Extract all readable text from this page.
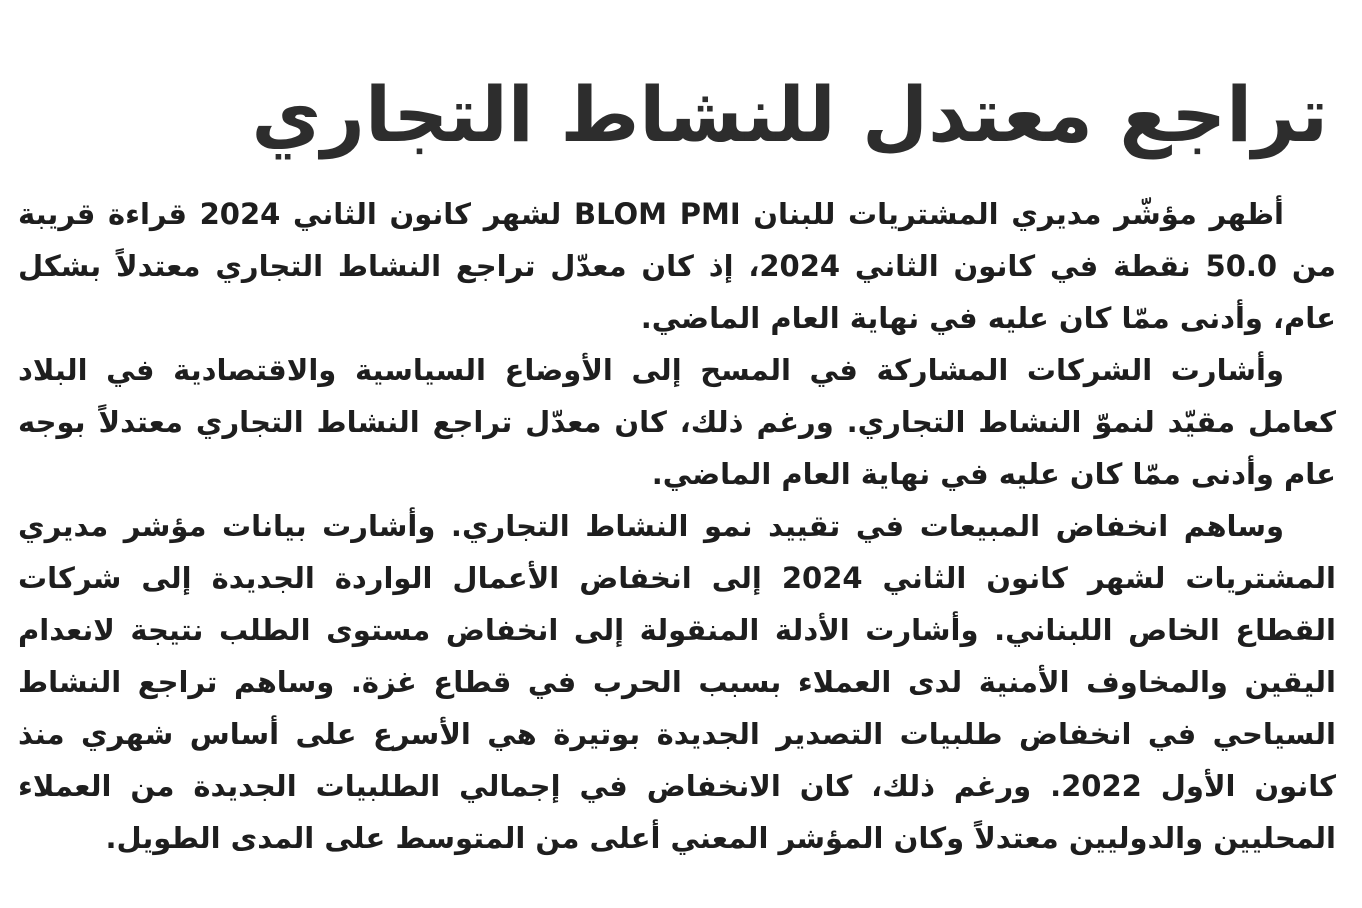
تراجع معتدل للنشاط التجاري

أظهر مؤشّر مديري المشتريات للبنان BLOM PMI لشهر كانون الثاني 2024 قراءة قريبة من 50.0 نقطة في كانون الثاني 2024، إذ كان معدّل تراجع النشاط التجاري معتدلاً بشكل عام، وأدنى ممّا كان عليه في نهاية العام الماضي.

وأشارت الشركات المشاركة في المسح إلى الأوضاع السياسية والاقتصادية في البلاد كعامل مقيّد لنموّ النشاط التجاري. ورغم ذلك، كان معدّل تراجع النشاط التجاري معتدلاً بوجه عام وأدنى ممّا كان عليه في نهاية العام الماضي.

وساهم انخفاض المبيعات في تقييد نمو النشاط التجاري. وأشارت بيانات مؤشر مديري المشتريات لشهر كانون الثاني 2024 إلى انخفاض الأعمال الواردة الجديدة إلى شركات القطاع الخاص اللبناني. وأشارت الأدلة المنقولة إلى انخفاض مستوى الطلب نتيجة لانعدام اليقين والمخاوف الأمنية لدى العملاء بسبب الحرب في قطاع غزة. وساهم تراجع النشاط السياحي في انخفاض طلبيات التصدير الجديدة بوتيرة هي الأسرع على أساس شهري منذ كانون الأول 2022. ورغم ذلك، كان الانخفاض في إجمالي الطلبيات الجديدة من العملاء المحليين والدوليين معتدلاً وكان المؤشر المعني أعلى من المتوسط على المدى الطويل.
